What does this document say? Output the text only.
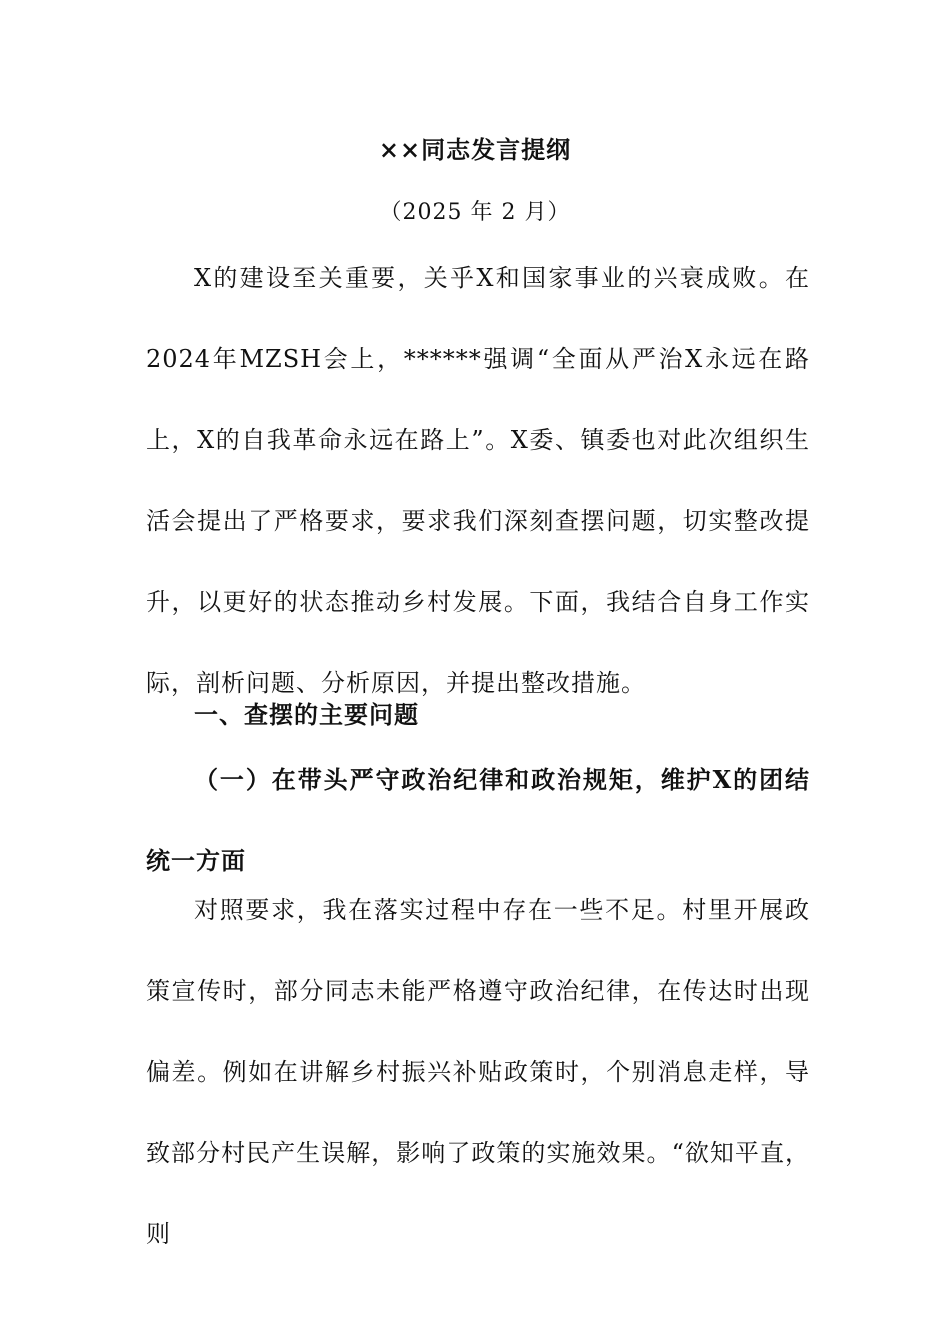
××同志发言提纲
（2025 年 2 月）

X的建设至关重要，关乎X和国家事业的兴衰成败。在2024年MZSH会上，******强调“全面从严治X永远在路上，X的自我革命永远在路上”。X委、镇委也对此次组织生活会提出了严格要求，要求我们深刻查摆问题，切实整改提升，以更好的状态推动乡村发展。下面，我结合自身工作实际，剖析问题、分析原因，并提出整改措施。

一、查摆的主要问题

（一）在带头严守政治纪律和政治规矩，维护X的团结统一方面

对照要求，我在落实过程中存在一些不足。村里开展政策宣传时，部分同志未能严格遵守政治纪律，在传达时出现偏差。例如在讲解乡村振兴补贴政策时，个别消息走样，导致部分村民产生误解，影响了政策的实施效果。“欲知平直，则
